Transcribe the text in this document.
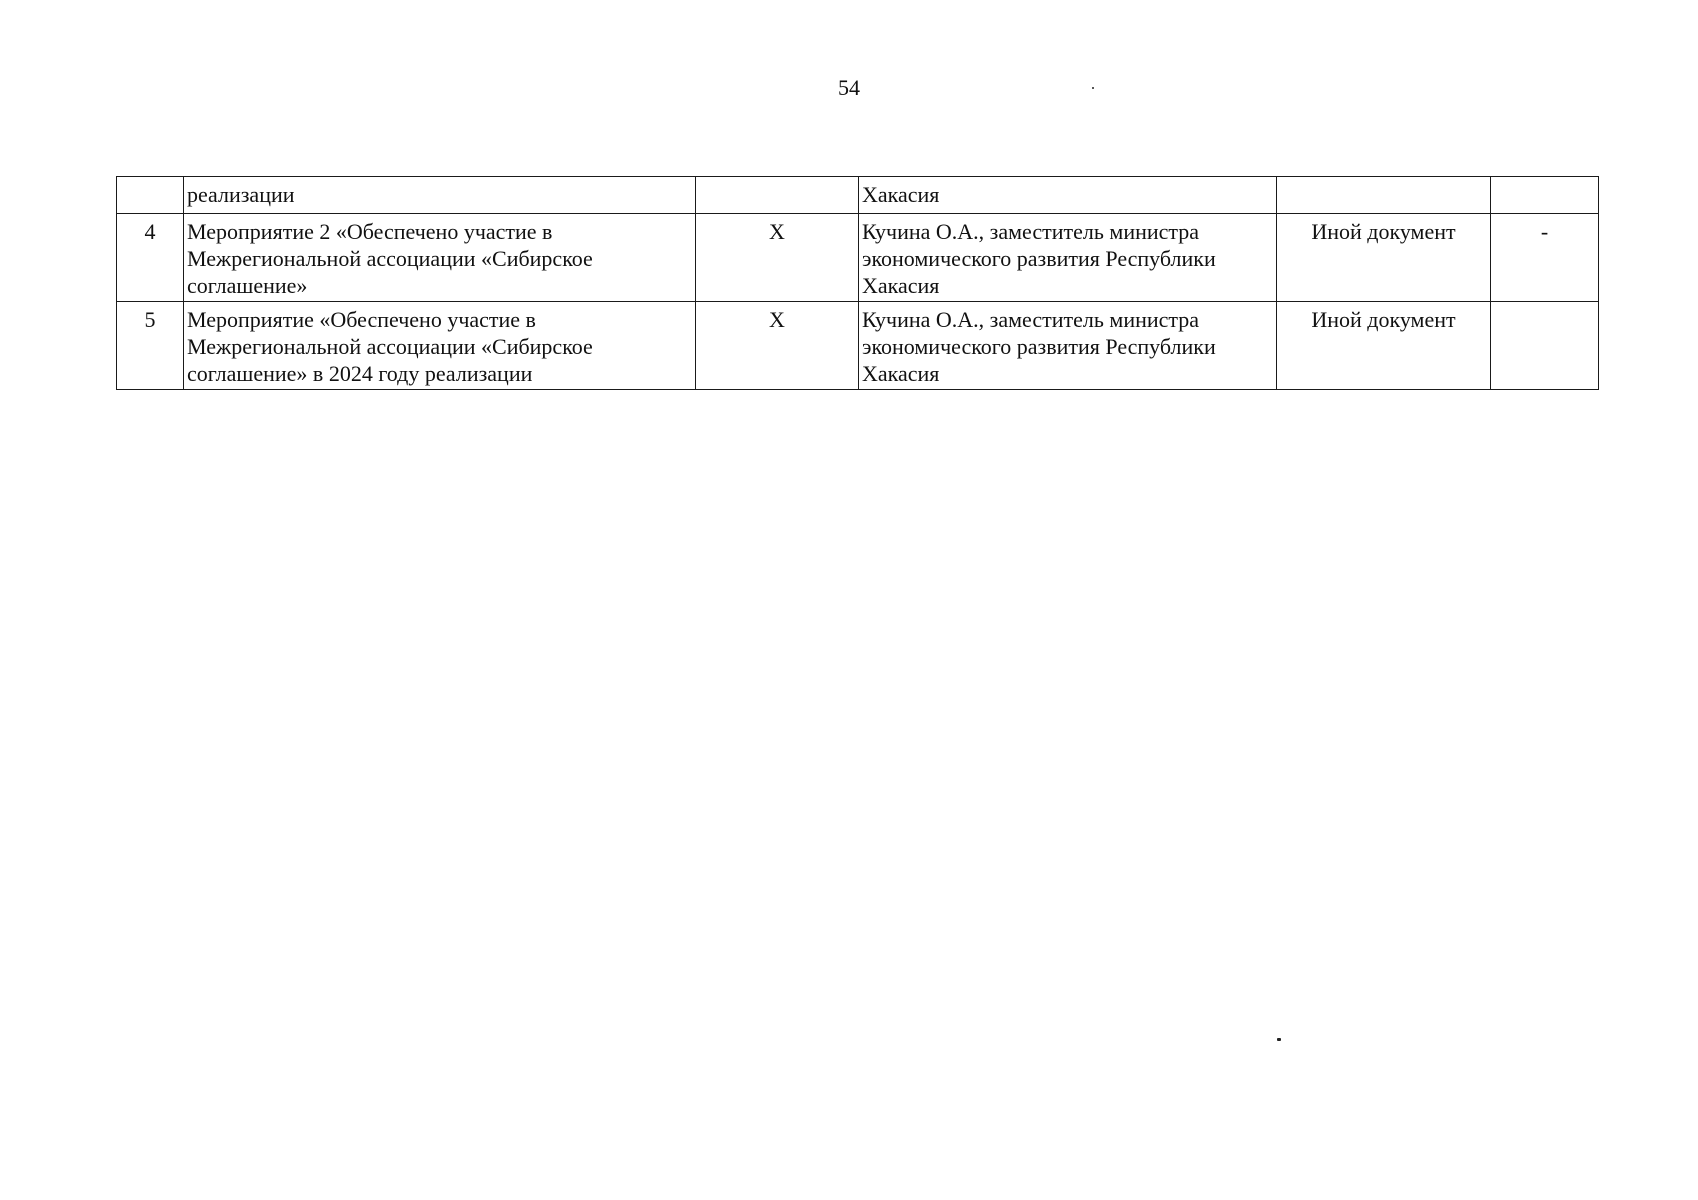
54
	реализации		Хакасия		
4	Мероприятие 2 «Обеспечено участие в Межрегиональной ассоциации «Сибирское соглашение»	Х	Кучина О.А., заместитель министра экономического развития Республики Хакасия	Иной документ	-
5	Мероприятие «Обеспечено участие в Межрегиональной ассоциации «Сибирское соглашение» в 2024 году реализации	Х	Кучина О.А., заместитель министра экономического развития Республики Хакасия	Иной документ	
